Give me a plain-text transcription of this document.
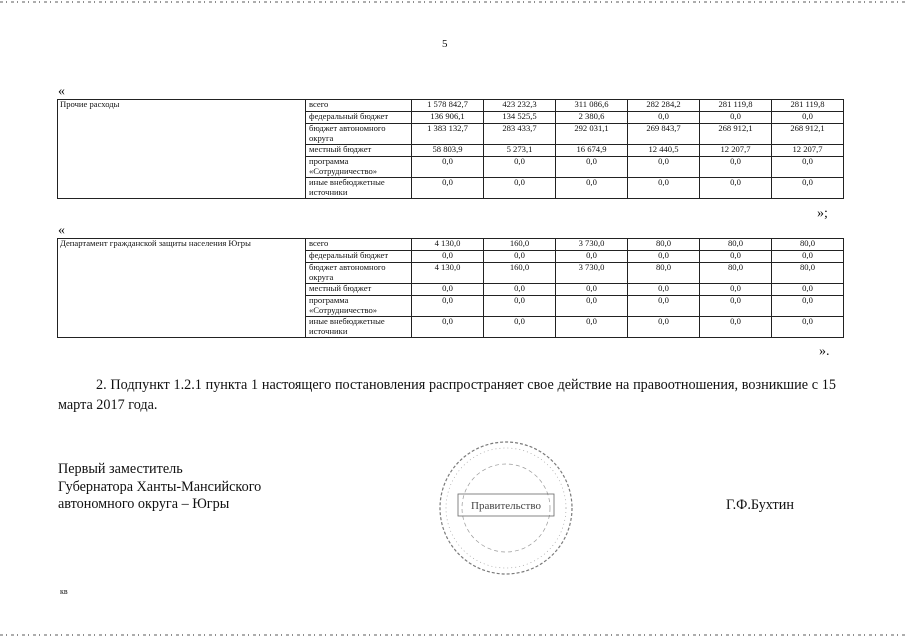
5
«
Прочие расходы	всего	1 578 842,7	423 232,3	311 086,6	282 284,2	281 119,8	281 119,8
	федеральный бюджет	136 906,1	134 525,5	2 380,6	0,0	0,0	0,0
	бюджет автономного округа	1 383 132,7	283 433,7	292 031,1	269 843,7	268 912,1	268 912,1
	местный бюджет	58 803,9	5 273,1	16 674,9	12 440,5	12 207,7	12 207,7
	программа «Сотрудничество»	0,0	0,0	0,0	0,0	0,0	0,0
	иные внебюджетные источники	0,0	0,0	0,0	0,0	0,0	0,0
»;
«
Департамент гражданской защиты населения Югры	всего	4 130,0	160,0	3 730,0	80,0	80,0	80,0
	федеральный бюджет	0,0	0,0	0,0	0,0	0,0	0,0
	бюджет автономного округа	4 130,0	160,0	3 730,0	80,0	80,0	80,0
	местный бюджет	0,0	0,0	0,0	0,0	0,0	0,0
	программа «Сотрудничество»	0,0	0,0	0,0	0,0	0,0	0,0
	иные внебюджетные источники	0,0	0,0	0,0	0,0	0,0	0,0
».
2. Подпункт 1.2.1 пункта 1 настоящего постановления распространяет свое действие на правоотношения, возникшие с 15 марта 2017 года.
Первый заместитель
Губернатора Ханты-Мансийского
автономного округа – Югры	Правительство	Г.Ф.Бухтин
кв
